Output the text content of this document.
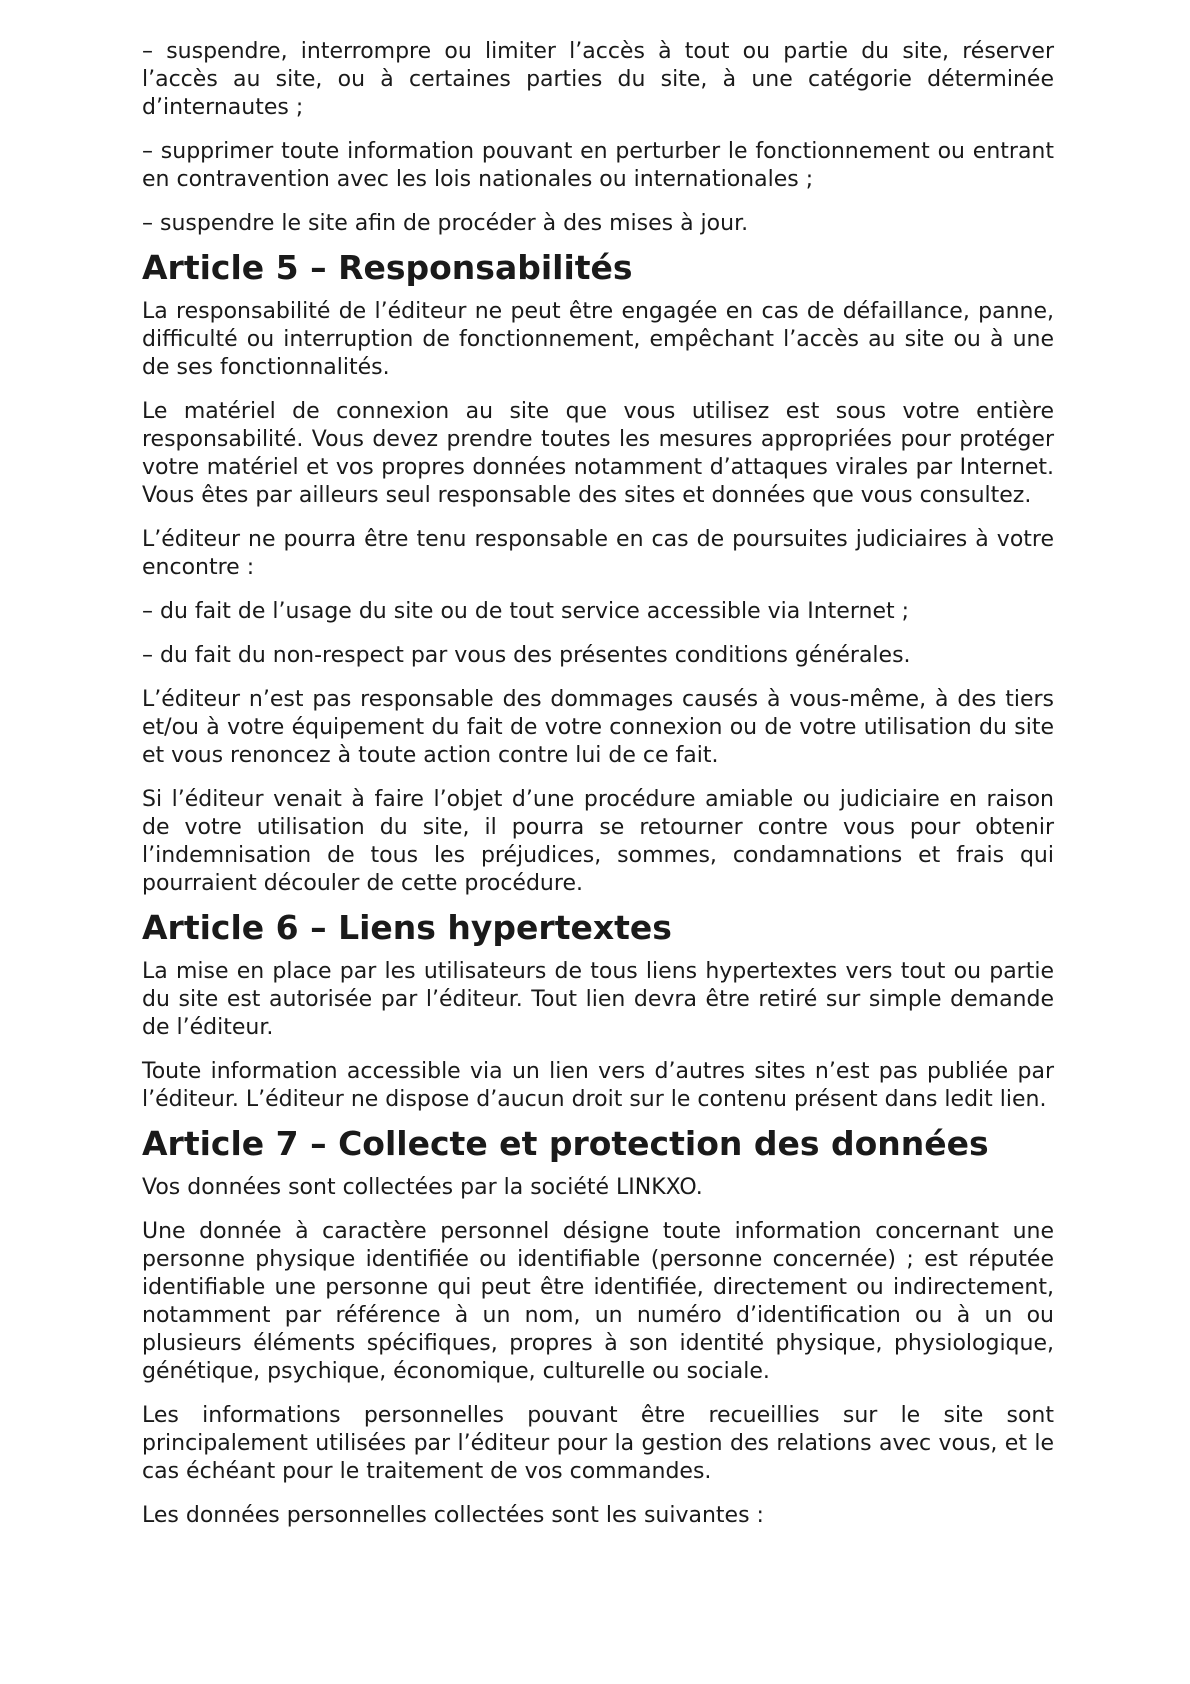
– suspendre, interrompre ou limiter l’accès à tout ou partie du site, réserver l’accès au site, ou à certaines parties du site, à une catégorie déterminée d’internautes ;

– supprimer toute information pouvant en perturber le fonctionnement ou entrant en contravention avec les lois nationales ou internationales ;

– suspendre le site afin de procéder à des mises à jour.

Article 5 – Responsabilités

La responsabilité de l’éditeur ne peut être engagée en cas de défaillance, panne, difficulté ou interruption de fonctionnement, empêchant l’accès au site ou à une de ses fonctionnalités.

Le matériel de connexion au site que vous utilisez est sous votre entière responsabilité. Vous devez prendre toutes les mesures appropriées pour protéger votre matériel et vos propres données notamment d’attaques virales par Internet. Vous êtes par ailleurs seul responsable des sites et données que vous consultez.

L’éditeur ne pourra être tenu responsable en cas de poursuites judiciaires à votre encontre :

– du fait de l’usage du site ou de tout service accessible via Internet ;

– du fait du non-respect par vous des présentes conditions générales.

L’éditeur n’est pas responsable des dommages causés à vous-même, à des tiers et/ou à votre équipement du fait de votre connexion ou de votre utilisation du site et vous renoncez à toute action contre lui de ce fait.

Si l’éditeur venait à faire l’objet d’une procédure amiable ou judiciaire en raison de votre utilisation du site, il pourra se retourner contre vous pour obtenir l’indemnisation de tous les préjudices, sommes, condamnations et frais qui pourraient découler de cette procédure.

Article 6 – Liens hypertextes

La mise en place par les utilisateurs de tous liens hypertextes vers tout ou partie du site est autorisée par l’éditeur. Tout lien devra être retiré sur simple demande de l’éditeur.

Toute information accessible via un lien vers d’autres sites n’est pas publiée par l’éditeur. L’éditeur ne dispose d’aucun droit sur le contenu présent dans ledit lien.

Article 7 – Collecte et protection des données

Vos données sont collectées par la société LINKXO.

Une donnée à caractère personnel désigne toute information concernant une personne physique identifiée ou identifiable (personne concernée) ; est réputée identifiable une personne qui peut être identifiée, directement ou indirectement, notamment par référence à un nom, un numéro d’identification ou à un ou plusieurs éléments spécifiques, propres à son identité physique, physiologique, génétique, psychique, économique, culturelle ou sociale.

Les informations personnelles pouvant être recueillies sur le site sont principalement utilisées par l’éditeur pour la gestion des relations avec vous, et le cas échéant pour le traitement de vos commandes.

Les données personnelles collectées sont les suivantes :
